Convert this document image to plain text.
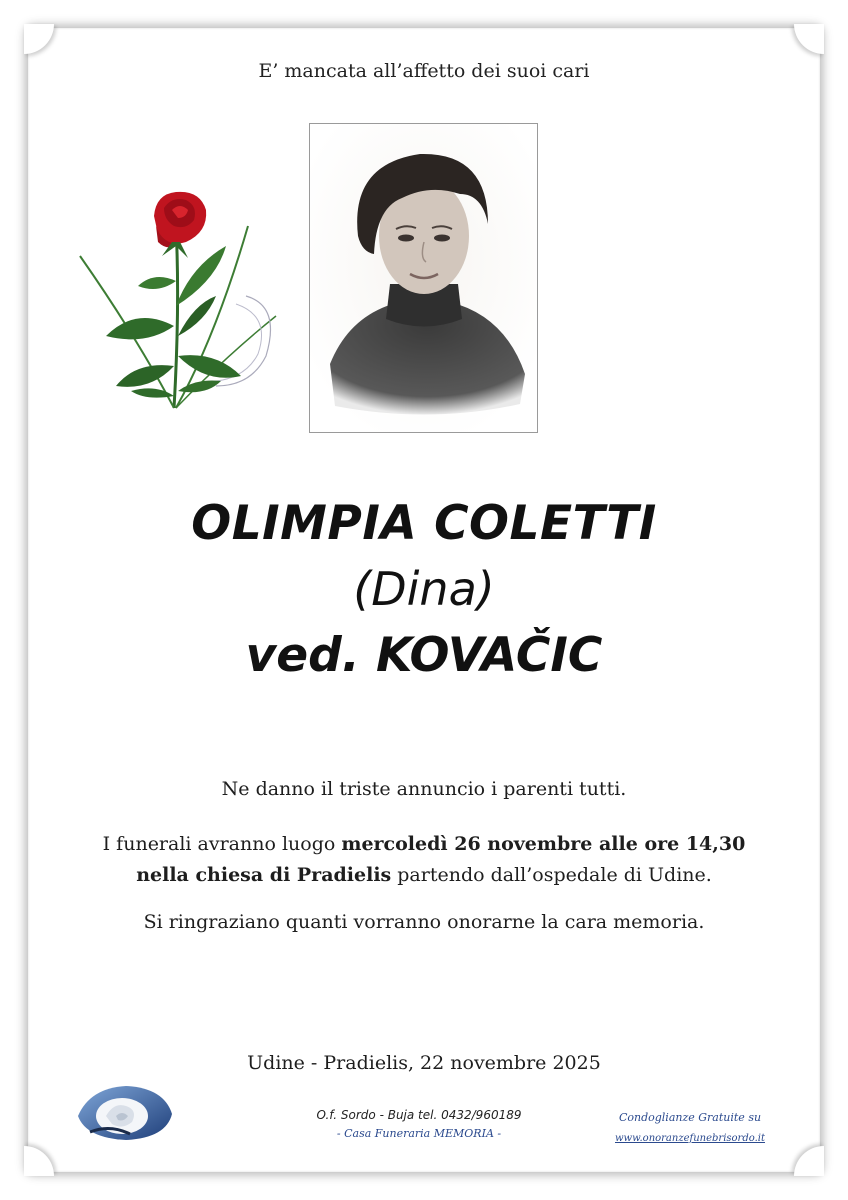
E’ mancata all’affetto dei suoi cari
OLIMPIA COLETTI
(Dina)
ved. KOVAČIC
Ne danno il triste annuncio i parenti tutti.
I funerali avranno luogo mercoledì 26 novembre alle ore 14,30
nella chiesa di Pradielis partendo dall’ospedale di Udine.
Si ringraziano quanti vorranno onorarne la cara memoria.
Udine - Pradielis, 22 novembre 2025
O.f. Sordo - Buja tel. 0432/960189
- Casa Funeraria MEMORIA -
Condoglianze Gratuite su
www.onoranzefunebrisordo.it
